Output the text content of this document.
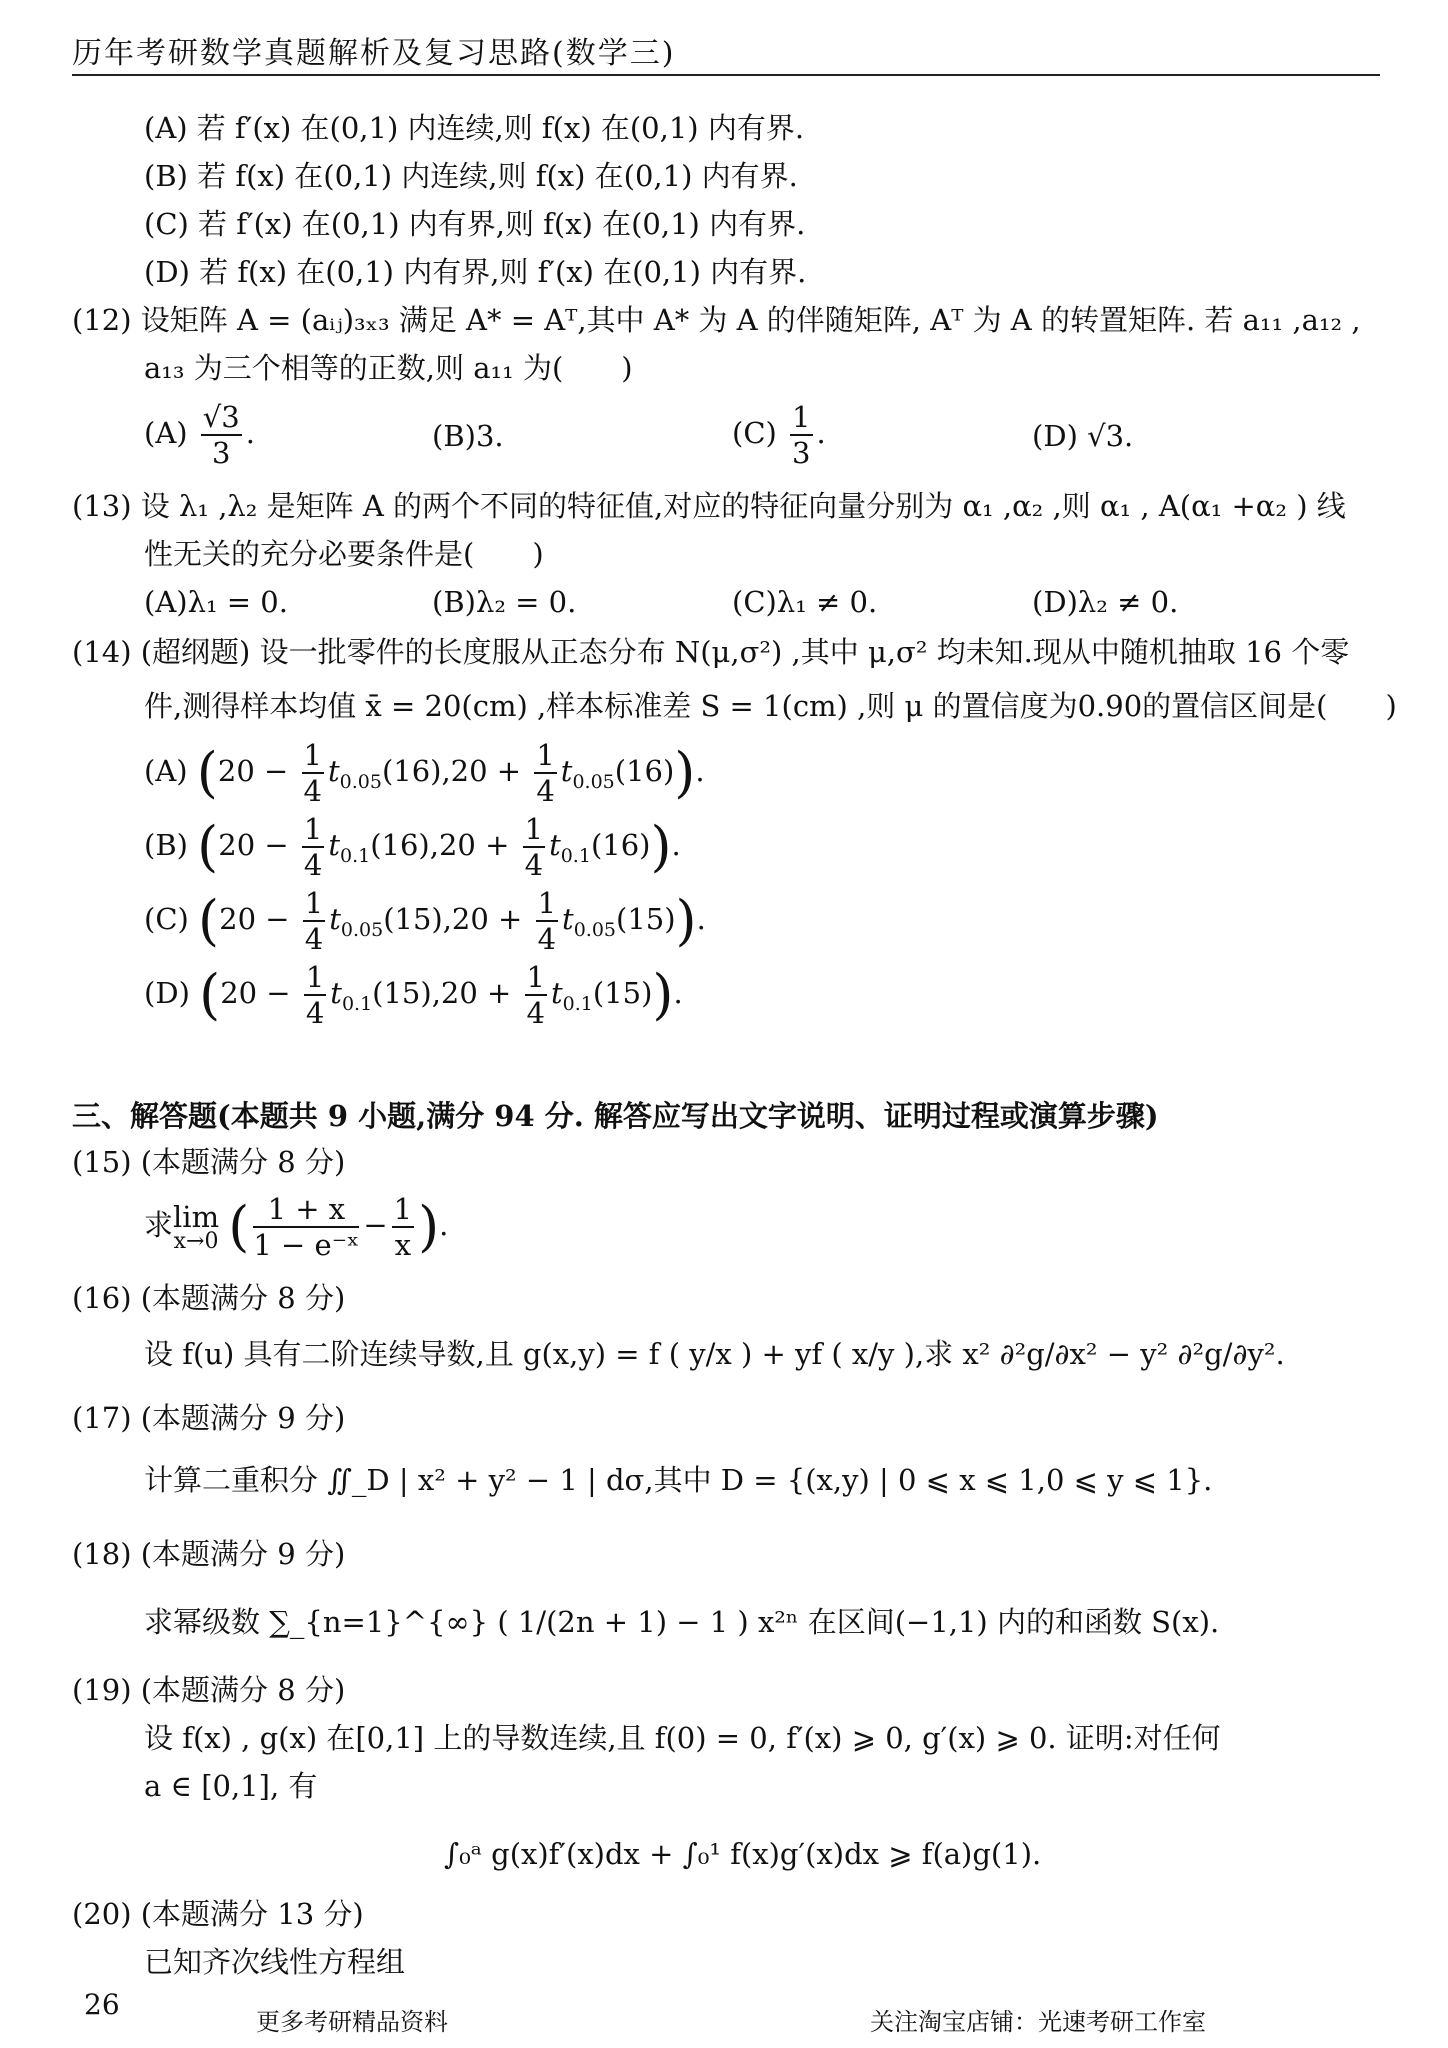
历年考研数学真题解析及复习思路(数学三)
(A) 若 f′(x) 在(0,1) 内连续,则 f(x) 在(0,1) 内有界.
(B) 若 f(x) 在(0,1) 内连续,则 f(x) 在(0,1) 内有界.
(C) 若 f′(x) 在(0,1) 内有界,则 f(x) 在(0,1) 内有界.
(D) 若 f(x) 在(0,1) 内有界,则 f′(x) 在(0,1) 内有界.
(12) 设矩阵 A = (aᵢⱼ)₃ₓ₃ 满足 A* = Aᵀ,其中 A* 为 A 的伴随矩阵, Aᵀ 为 A 的转置矩阵. 若 a₁₁ ,a₁₂ ,
a₁₃ 为三个相等的正数,则 a₁₁ 为(　　)
$(A) \frac{√3}{3}$ .	(B)3.	$(C) \frac{1}{3}$ .	(D) √3.
(13) 设 λ₁ ,λ₂ 是矩阵 A 的两个不同的特征值,对应的特征向量分别为 α₁ ,α₂ ,则 α₁ , A(α₁ +α₂ ) 线
性无关的充分必要条件是(　　)
(A)λ₁ = 0.	(B)λ₂ = 0.	(C)λ₁ ≠ 0.	(D)λ₂ ≠ 0.
(14) (超纲题) 设一批零件的长度服从正态分布 N(μ,σ²) ,其中 μ,σ² 均未知.现从中随机抽取 16 个零
件,测得样本均值 x̄ = 20(cm) ,样本标准差 S = 1(cm) ,则 μ 的置信度为0.90的置信区间是(　　)
(A) $(20 - \frac{1}{4} t_{0.05}(16),20 + \frac{1}{4} t_{0.05}(16))$.
(B) $(20 - \frac{1}{4} t_{0.1}(16),20 + \frac{1}{4} t_{0.1}(16))$.
(C) $(20 - \frac{1}{4} t_{0.05}(15),20 + \frac{1}{4} t_{0.05}(15))$.
(D) $(20 - \frac{1}{4} t_{0.1}(15),20 + \frac{1}{4} t_{0.1}(15))$.
三、解答题(本题共 9 小题,满分 94 分. 解答应写出文字说明、证明过程或演算步骤)
(15) (本题满分 8 分)
求 lim
x→0 ( $\frac{1 + x}{\text{1 − e⁻ˣ}} - \frac{1}{x}$ ).
(16) (本题满分 8 分)
设 f(u) 具有二阶连续导数,且 g(x,y) = f ( y/x ) + yf ( x/y ),求 x² ∂²g/∂x² − y² ∂²g/∂y².
(17) (本题满分 9 分)
计算二重积分 ∬_D | x² + y² − 1 | dσ,其中 D = {(x,y) | 0 ⩽ x ⩽ 1,0 ⩽ y ⩽ 1}.
(18) (本题满分 9 分)
求幂级数 ∑_{n=1}^{∞} ( 1/(2n + 1) − 1 ) x²ⁿ 在区间(−1,1) 内的和函数 S(x).
(19) (本题满分 8 分)
设 f(x) , g(x) 在[0,1] 上的导数连续,且 f(0) = 0, f′(x) ⩾ 0, g′(x) ⩾ 0. 证明:对任何
a ∈ [0,1], 有
∫₀ᵃ g(x)f′(x)dx + ∫₀¹ f(x)g′(x)dx ⩾ f(a)g(1).
(20) (本题满分 13 分)
已知齐次线性方程组
26
更多考研精品资料	关注淘宝店铺：光速考研工作室
